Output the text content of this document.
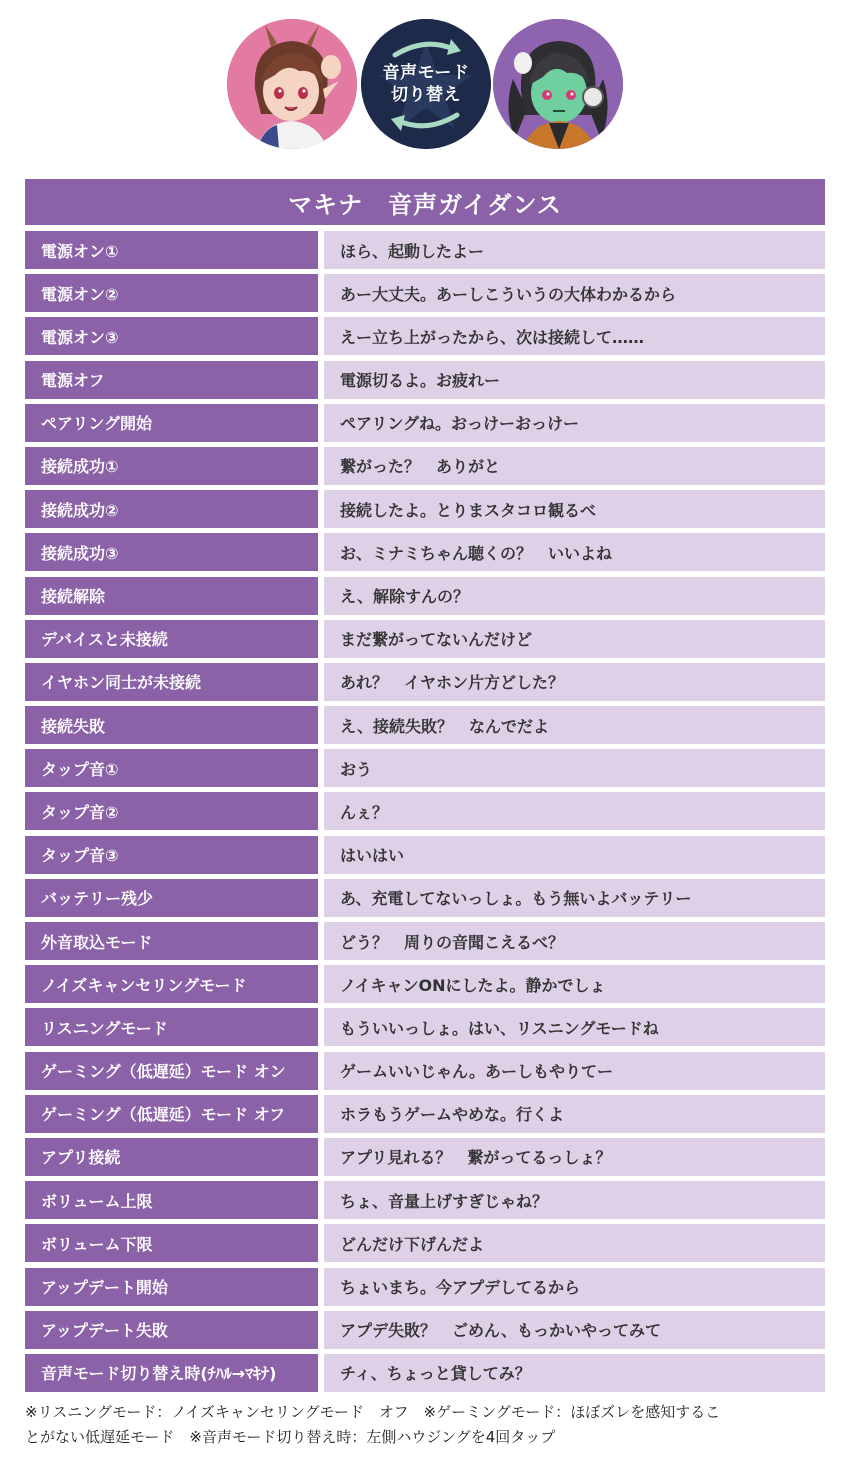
音声モード
切り替え
マキナ　音声ガイダンス
電源オン①	ほら、起動したよー
電源オン②	あー大丈夫。あーしこういうの大体わかるから
電源オン③	えー立ち上がったから、次は接続して……
電源オフ	電源切るよ。お疲れー
ペアリング開始	ペアリングね。おっけーおっけー
接続成功①	繋がった？　ありがと
接続成功②	接続したよ。とりまスタコロ観るべ
接続成功③	お、ミナミちゃん聴くの？　いいよね
接続解除	え、解除すんの？
デバイスと未接続	まだ繋がってないんだけど
イヤホン同士が未接続	あれ？　イヤホン片方どした？
接続失敗	え、接続失敗？　なんでだよ
タップ音①	おう
タップ音②	んぇ？
タップ音③	はいはい
バッテリー残少	あ、充電してないっしょ。もう無いよバッテリー
外音取込モード	どう？　周りの音聞こえるべ？
ノイズキャンセリングモード	ノイキャンONにしたよ。静かでしょ
リスニングモード	もういいっしょ。はい、リスニングモードね
ゲーミング（低遅延）モード オン	ゲームいいじゃん。あーしもやりてー
ゲーミング（低遅延）モード オフ	ホラもうゲームやめな。行くよ
アプリ接続	アプリ見れる？　繋がってるっしょ？
ボリューム上限	ちょ、音量上げすぎじゃね？
ボリューム下限	どんだけ下げんだよ
アップデート開始	ちょいまち。今アプデしてるから
アップデート失敗	アプデ失敗？　ごめん、もっかいやってみて
音声モード切り替え時(ﾁﾊﾙ→ﾏｷﾅ)	チィ、ちょっと貸してみ？
※リスニングモード：ノイズキャンセリングモード　オフ　※ゲーミングモード：ほぼズレを感知するこ
とがない低遅延モード　※音声モード切り替え時：左側ハウジングを4回タップ
